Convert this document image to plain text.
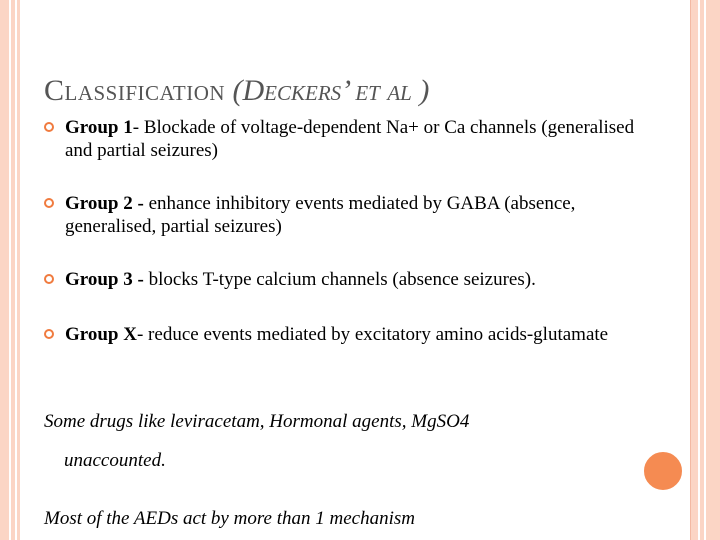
Classification (Deckers’ et al )
Group 1- Blockade of voltage-dependent Na+ or Ca channels (generalised and partial seizures)
Group 2 - enhance inhibitory events mediated by GABA (absence, generalised, partial seizures)
Group 3 - blocks T-type calcium channels (absence seizures).
Group X- reduce events mediated by excitatory amino acids-glutamate
Some drugs like leviracetam, Hormonal agents, MgSO4
unaccounted.
Most of the AEDs act by more than 1 mechanism
